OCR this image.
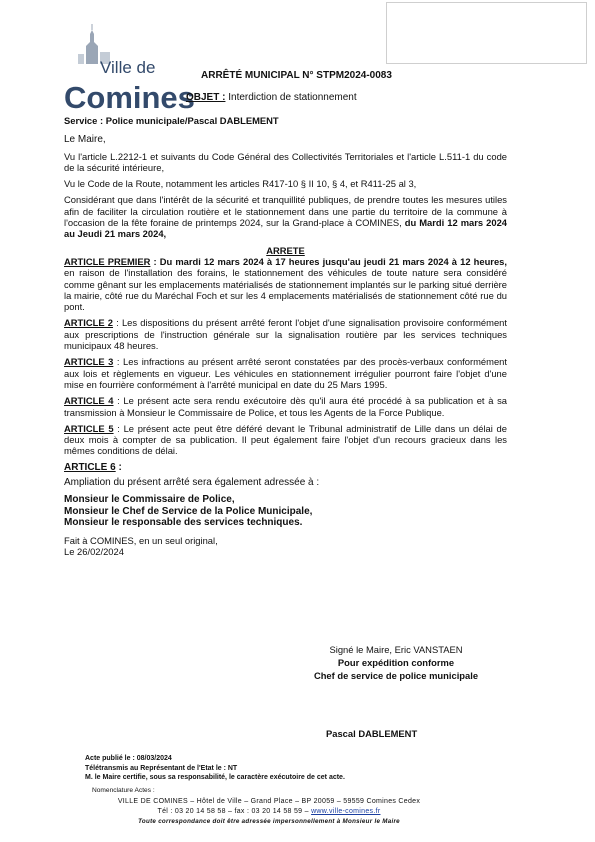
Ville de
Comines
ARRÊTÉ MUNICIPAL N° STPM2024-0083
OBJET : Interdiction de stationnement

Service : Police municipale/Pascal DABLEMENT

Le Maire,

Vu l'article L.2212-1 et suivants du Code Général des Collectivités Territoriales et l'article L.511-1 du code de la sécurité intérieure,

Vu le Code de la Route, notamment les articles R417-10 § II 10, § 4, et R411-25 al 3,

Considérant que dans l'intérêt de la sécurité et tranquillité publiques, de prendre toutes les mesures utiles afin de faciliter la circulation routière et le stationnement dans une partie du territoire de la commune à l'occasion de la fête foraine de printemps 2024, sur la Grand-place à COMINES, du Mardi 12 mars 2024 au Jeudi 21 mars 2024,

ARRETE

ARTICLE PREMIER : Du mardi 12 mars 2024 à 17 heures jusqu'au jeudi 21 mars 2024 à 12 heures, en raison de l'installation des forains, le stationnement des véhicules de toute nature sera considéré comme gênant sur les emplacements matérialisés de stationnement implantés sur le parking situé derrière la mairie, côté rue du Maréchal Foch et sur les 4 emplacements matérialisés de stationnement côté rue du pont.

ARTICLE 2 : Les dispositions du présent arrêté feront l'objet d'une signalisation provisoire conformément aux prescriptions de l'instruction générale sur la signalisation routière par les services techniques municipaux 48 heures.

ARTICLE 3 : Les infractions au présent arrêté seront constatées par des procès-verbaux conformément aux lois et règlements en vigueur. Les véhicules en stationnement irrégulier pourront faire l'objet d'une mise en fourrière conformément à l'arrêté municipal en date du 25 Mars 1995.

ARTICLE 4 : Le présent acte sera rendu exécutoire dès qu'il aura été procédé à sa publication et à sa transmission à Monsieur le Commissaire de Police, et tous les Agents de la Force Publique.

ARTICLE 5 : Le présent acte peut être déféré devant le Tribunal administratif de Lille dans un délai de deux mois à compter de sa publication. Il peut également faire l'objet d'un recours gracieux dans les mêmes conditions de délai.

ARTICLE 6 :

Ampliation du présent arrêté sera également adressée à :

Monsieur le Commissaire de Police,
Monsieur le Chef de Service de la Police Municipale,
Monsieur le responsable des services techniques.

Fait à COMINES, en un seul original,

Le 26/02/2024

Signé le Maire, Eric VANSTAEN
Pour expédition conforme
Chef de service de police municipale
Pascal DABLEMENT
Acte publié le : 08/03/2024
Télétransmis au Représentant de l'Etat le : NT
M. le Maire certifie, sous sa responsabilité, le caractère exécutoire de cet acte.
Nomenclature Actes :
VILLE DE COMINES – Hôtel de Ville – Grand Place – BP 20059 – 59559 Comines Cedex
Tél : 03 20 14 58 58 – fax : 03 20 14 58 59 – www.ville-comines.fr
Toute correspondance doit être adressée impersonnellement à Monsieur le Maire
